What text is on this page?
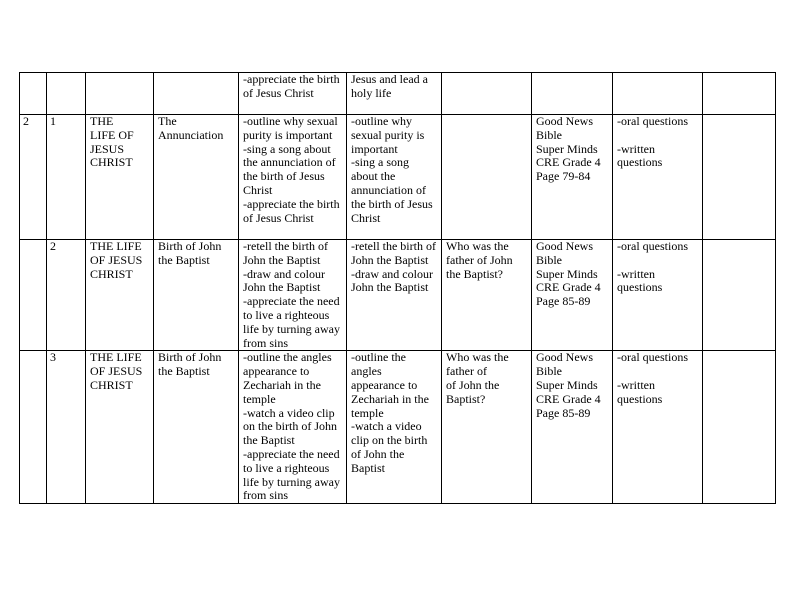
				-appreciate the birth of Jesus Christ	Jesus and lead a holy life				
2	1	THE
LIFE OF
JESUS
CHRIST	The
Annunciation	-outline why sexual purity is important
-sing a song about the annunciation of the birth of Jesus Christ
-appreciate the birth of Jesus Christ	-outline why sexual purity is important
-sing a song about the annunciation of the birth of Jesus Christ		Good News Bible
Super Minds CRE Grade 4
Page 79-84	-oral questions

-written questions	
	2	THE LIFE OF JESUS CHRIST	Birth of John the Baptist	-retell the birth of John the Baptist
-draw and colour John the Baptist
-appreciate the need to live a righteous life by turning away from sins	-retell the birth of John the Baptist
-draw and colour John the Baptist	Who was the father of John the Baptist?	Good News Bible
Super Minds CRE Grade 4
Page 85-89	-oral questions

-written questions	
	3	THE LIFE OF JESUS CHRIST	Birth of John the Baptist	-outline the angles appearance to Zechariah in the temple
-watch a video clip on the birth of John the Baptist
-appreciate the need to live a righteous life by turning away from sins	-outline the angles appearance to Zechariah in the temple
-watch a video clip on the birth of John the Baptist	Who was the father of
of John the Baptist?	Good News Bible
Super Minds CRE Grade 4
Page 85-89	-oral questions

-written questions	
